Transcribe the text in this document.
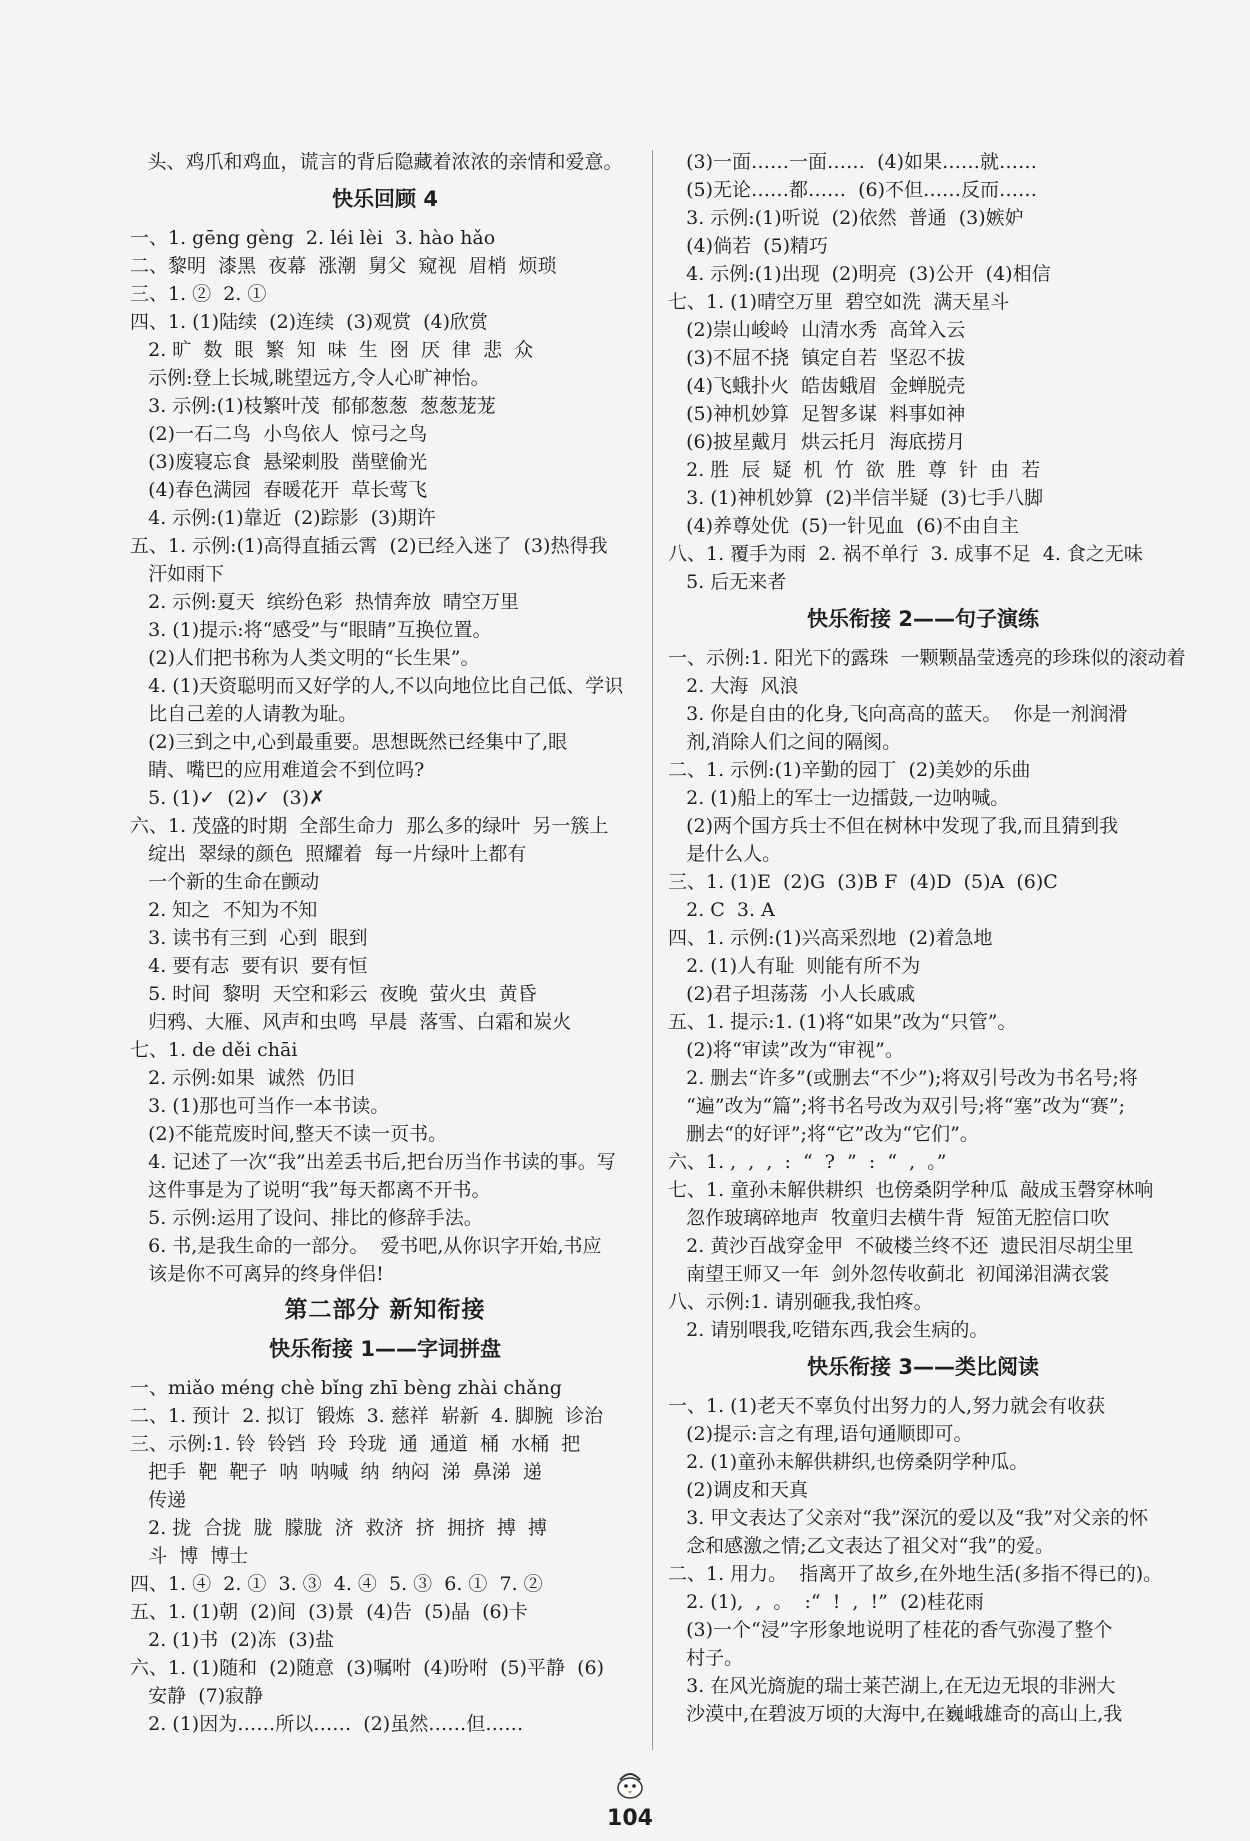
头、鸡爪和鸡血，谎言的背后隐藏着浓浓的亲情和爱意。
快乐回顾 4
一、1. gēng gèng  2. léi lèi  3. hào hǎo
二、黎明  漆黑  夜幕  涨潮  舅父  窥视  眉梢  烦琐
三、1. ②  2. ①
四、1. (1)陆续  (2)连续  (3)观赏  (4)欣赏
2. 旷  数  眼  繁  知  味  生  囹  厌  律  悲  众
示例:登上长城,眺望远方,令人心旷神怡。
3. 示例:(1)枝繁叶茂  郁郁葱葱  葱葱茏茏
(2)一石二鸟  小鸟依人  惊弓之鸟
(3)废寝忘食  悬梁刺股  凿壁偷光
(4)春色满园  春暖花开  草长莺飞
4. 示例:(1)靠近  (2)踪影  (3)期许
五、1. 示例:(1)高得直插云霄  (2)已经入迷了  (3)热得我
汗如雨下
2. 示例:夏天  缤纷色彩  热情奔放  晴空万里
3. (1)提示:将“感受”与“眼睛”互换位置。
(2)人们把书称为人类文明的“长生果”。
4. (1)天资聪明而又好学的人,不以向地位比自己低、学识
比自己差的人请教为耻。
(2)三到之中,心到最重要。思想既然已经集中了,眼
睛、嘴巴的应用难道会不到位吗?
5. (1)✓  (2)✓  (3)✗
六、1. 茂盛的时期  全部生命力  那么多的绿叶  另一簇上
绽出  翠绿的颜色  照耀着  每一片绿叶上都有
一个新的生命在颤动
2. 知之  不知为不知
3. 读书有三到  心到  眼到
4. 要有志  要有识  要有恒
5. 时间  黎明  天空和彩云  夜晚  萤火虫  黄昏
归鸦、大雁、风声和虫鸣  早晨  落雪、白霜和炭火
七、1. de děi chāi
2. 示例:如果  诚然  仍旧
3. (1)那也可当作一本书读。
(2)不能荒废时间,整天不读一页书。
4. 记述了一次“我”出差丢书后,把台历当作书读的事。写
这件事是为了说明“我”每天都离不开书。
5. 示例:运用了设问、排比的修辞手法。
6. 书,是我生命的一部分。  爱书吧,从你识字开始,书应
该是你不可离异的终身伴侣!
第二部分 新知衔接
快乐衔接 1——字词拼盘
一、miǎo méng chè bǐng zhī bèng zhài chǎng
二、1. 预计  2. 拟订  锻炼  3. 慈祥  崭新  4. 脚腕  诊治
三、示例:1. 铃  铃铛  玲  玲珑  通  通道  桶  水桶  把
把手  靶  靶子  呐  呐喊  纳  纳闷  涕  鼻涕  递
传递
2. 拢  合拢  胧  朦胧  济  救济  挤  拥挤  搏  搏
斗  博  博士
四、1. ④  2. ①  3. ③  4. ④  5. ③  6. ①  7. ②
五、1. (1)朝  (2)间  (3)景  (4)告  (5)晶  (6)卡
2. (1)书  (2)冻  (3)盐
六、1. (1)随和  (2)随意  (3)嘱咐  (4)吩咐  (5)平静  (6)
安静  (7)寂静
2. (1)因为……所以……  (2)虽然……但……
(3)一面……一面……  (4)如果……就……
(5)无论……都……  (6)不但……反而……
3. 示例:(1)听说  (2)依然  普通  (3)嫉妒
(4)倘若  (5)精巧
4. 示例:(1)出现  (2)明亮  (3)公开  (4)相信
七、1. (1)晴空万里  碧空如洗  满天星斗
(2)崇山峻岭  山清水秀  高耸入云
(3)不屈不挠  镇定自若  坚忍不拔
(4)飞蛾扑火  皓齿蛾眉  金蝉脱壳
(5)神机妙算  足智多谋  料事如神
(6)披星戴月  烘云托月  海底捞月
2. 胜  辰  疑  机  竹  欲  胜  尊  针  由  若
3. (1)神机妙算  (2)半信半疑  (3)七手八脚
(4)养尊处优  (5)一针见血  (6)不由自主
八、1. 覆手为雨  2. 祸不单行  3. 成事不足  4. 食之无味
5. 后无来者
快乐衔接 2——句子演练
一、示例:1. 阳光下的露珠  一颗颗晶莹透亮的珍珠似的滚动着
2. 大海  风浪
3. 你是自由的化身,飞向高高的蓝天。  你是一剂润滑
剂,消除人们之间的隔阂。
二、1. 示例:(1)辛勤的园丁  (2)美妙的乐曲
2. (1)船上的军士一边擂鼓,一边呐喊。
(2)两个国方兵士不但在树林中发现了我,而且猜到我
是什么人。
三、1. (1)E  (2)G  (3)B F  (4)D  (5)A  (6)C
2. C  3. A
四、1. 示例:(1)兴高采烈地  (2)着急地
2. (1)人有耻  则能有所不为
(2)君子坦荡荡  小人长戚戚
五、1. 提示:1. (1)将“如果”改为“只管”。
(2)将“审读”改为“审视”。
2. 删去“许多”(或删去“不少”);将双引号改为书名号;将
“遍”改为“篇”;将书名号改为双引号;将“塞”改为“赛”;
删去“的好评”;将“它”改为“它们”。
六、1. ,  ,  ,  :  “  ?  ”  :  “  ,  。”
七、1. 童孙未解供耕织  也傍桑阴学种瓜  敲成玉磬穿林响
忽作玻璃碎地声  牧童归去横牛背  短笛无腔信口吹
2. 黄沙百战穿金甲  不破楼兰终不还  遗民泪尽胡尘里
南望王师又一年  剑外忽传收蓟北  初闻涕泪满衣裳
八、示例:1. 请别砸我,我怕疼。
2. 请别喂我,吃错东西,我会生病的。
快乐衔接 3——类比阅读
一、1. (1)老天不辜负付出努力的人,努力就会有收获
(2)提示:言之有理,语句通顺即可。
2. (1)童孙未解供耕织,也傍桑阴学种瓜。
(2)调皮和天真
3. 甲文表达了父亲对“我”深沉的爱以及“我”对父亲的怀
念和感激之情;乙文表达了祖父对“我”的爱。
二、1. 用力。  指离开了故乡,在外地生活(多指不得已的)。
2. (1),  ,  。  :“  !  ,  !”  (2)桂花雨
(3)一个“浸”字形象地说明了桂花的香气弥漫了整个
村子。
3. 在风光旖旎的瑞士莱芒湖上,在无边无垠的非洲大
沙漠中,在碧波万顷的大海中,在巍峨雄奇的高山上,我
104
